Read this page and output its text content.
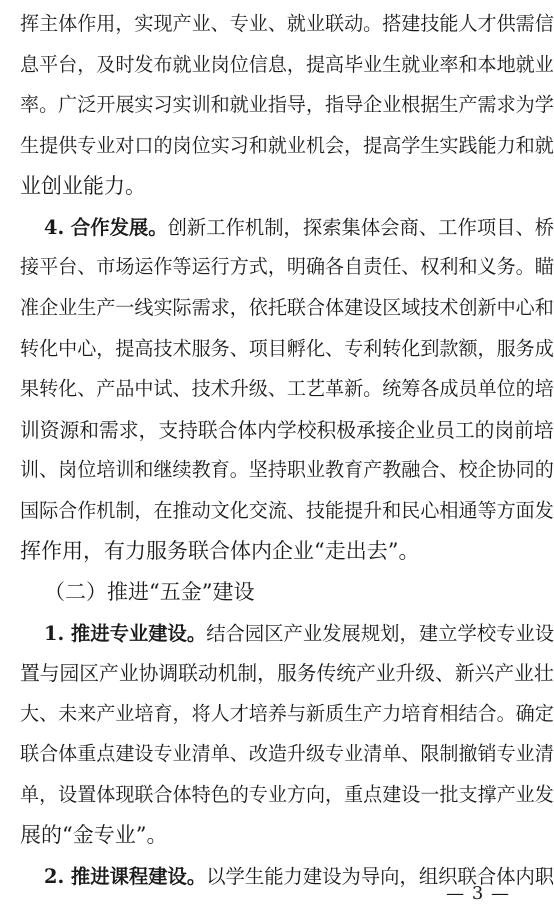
挥主体作用，实现产业、专业、就业联动。搭建技能人才供需信
息平台，及时发布就业岗位信息，提高毕业生就业率和本地就业
率。广泛开展实习实训和就业指导，指导企业根据生产需求为学
生提供专业对口的岗位实习和就业机会，提高学生实践能力和就
业创业能力。
4. 合作发展。创新工作机制，探索集体会商、工作项目、桥
接平台、市场运作等运行方式，明确各自责任、权利和义务。瞄
准企业生产一线实际需求，依托联合体建设区域技术创新中心和
转化中心，提高技术服务、项目孵化、专利转化到款额，服务成
果转化、产品中试、技术升级、工艺革新。统筹各成员单位的培
训资源和需求，支持联合体内学校积极承接企业员工的岗前培
训、岗位培训和继续教育。坚持职业教育产教融合、校企协同的
国际合作机制，在推动文化交流、技能提升和民心相通等方面发
挥作用，有力服务联合体内企业“走出去”。
（二）推进“五金”建设
1. 推进专业建设。结合园区产业发展规划，建立学校专业设
置与园区产业协调联动机制，服务传统产业升级、新兴产业壮
大、未来产业培育，将人才培养与新质生产力培育相结合。确定
联合体重点建设专业清单、改造升级专业清单、限制撤销专业清
单，设置体现联合体特色的专业方向，重点建设一批支撑产业发
展的“金专业”。
— 3 —
2. 推进课程建设。以学生能力建设为导向，组织联合体内职
